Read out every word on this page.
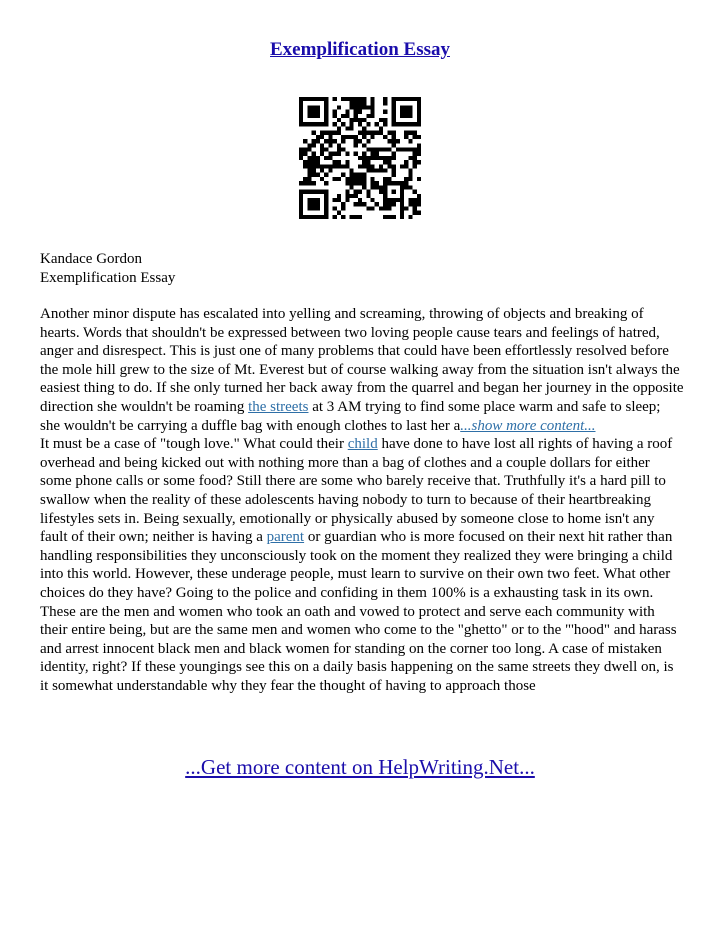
Exemplification Essay
Kandace Gordon
Exemplification Essay

Another minor dispute has escalated into yelling and screaming, throwing of objects and breaking of hearts. Words that shouldn't be expressed between two loving people cause tears and feelings of hatred, anger and disrespect. This is just one of many problems that could have been effortlessly resolved before the mole hill grew to the size of Mt. Everest but of course walking away from the situation isn't always the easiest thing to do. If she only turned her back away from the quarrel and began her journey in the opposite direction she wouldn't be roaming the streets at 3 AM trying to find some place warm and safe to sleep; she wouldn't be carrying a duffle bag with enough clothes to last her a...show more content...
It must be a case of "tough love." What could their child have done to have lost all rights of having a roof overhead and being kicked out with nothing more than a bag of clothes and a couple dollars for either some phone calls or some food? Still there are some who barely receive that. Truthfully it's a hard pill to swallow when the reality of these adolescents having nobody to turn to because of their heartbreaking lifestyles sets in. Being sexually, emotionally or physically abused by someone close to home isn't any fault of their own; neither is having a parent or guardian who is more focused on their next hit rather than handling responsibilities they unconsciously took on the moment they realized they were bringing a child into this world. However, these underage people, must learn to survive on their own two feet. What other choices do they have? Going to the police and confiding in them 100% is a exhausting task in its own. These are the men and women who took an oath and vowed to protect and serve each community with their entire being, but are the same men and women who come to the "ghetto" or to the "'hood" and harass and arrest innocent black men and black women for standing on the corner too long. A case of mistaken identity, right? If these youngings see this on a daily basis happening on the same streets they dwell on, is it somewhat understandable why they fear the thought of having to approach those

...Get more content on HelpWriting.Net...
